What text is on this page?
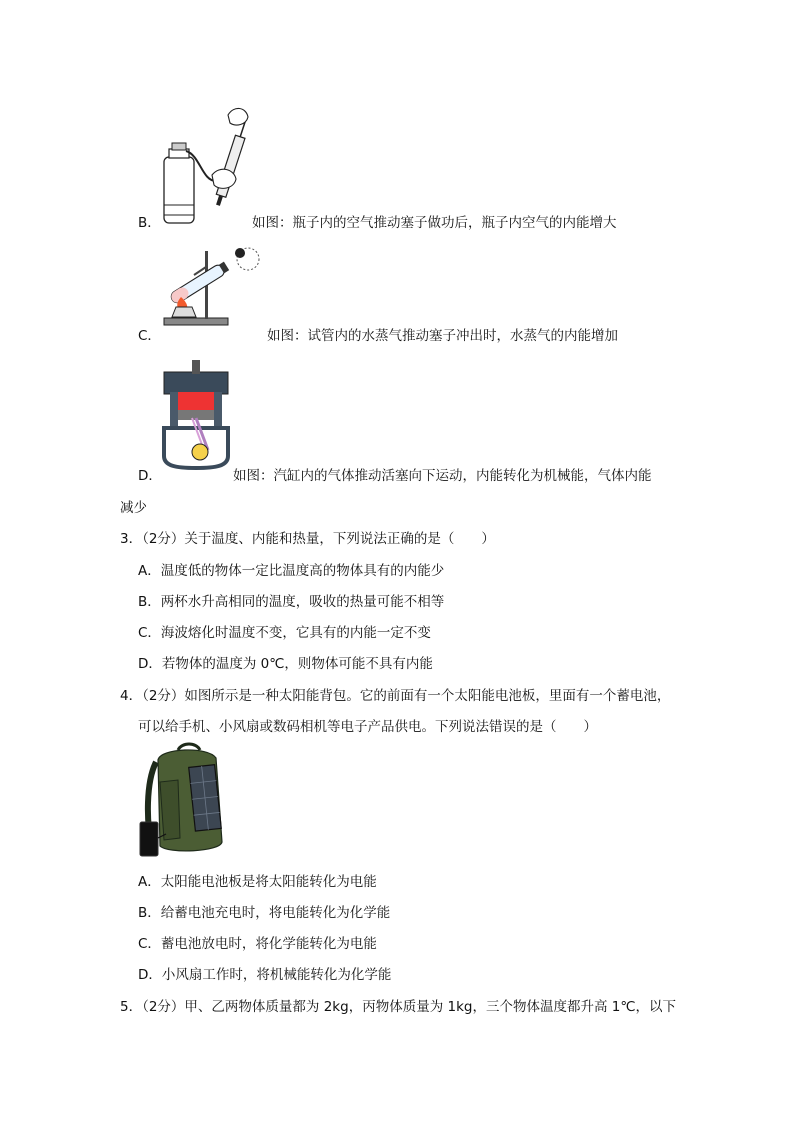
B．	如图：瓶子内的空气推动塞子做功后，瓶子内空气的内能增大
C．	如图：试管内的水蒸气推动塞子冲出时，水蒸气的内能增加
D．	如图：汽缸内的气体推动活塞向下运动，内能转化为机械能，气体内能
减少
3．（2分）关于温度、内能和热量，下列说法正确的是（　　）
A．温度低的物体一定比温度高的物体具有的内能少
B．两杯水升高相同的温度，吸收的热量可能不相等
C．海波熔化时温度不变，它具有的内能一定不变
D．若物体的温度为 0℃，则物体可能不具有内能
4．（2分）如图所示是一种太阳能背包。它的前面有一个太阳能电池板，里面有一个蓄电池，
可以给手机、小风扇或数码相机等电子产品供电。下列说法错误的是（　　）
A．太阳能电池板是将太阳能转化为电能
B．给蓄电池充电时，将电能转化为化学能
C．蓄电池放电时，将化学能转化为电能
D．小风扇工作时，将机械能转化为化学能
5．（2分）甲、乙两物体质量都为 2kg，丙物体质量为 1kg，三个物体温度都升高 1℃，以下
